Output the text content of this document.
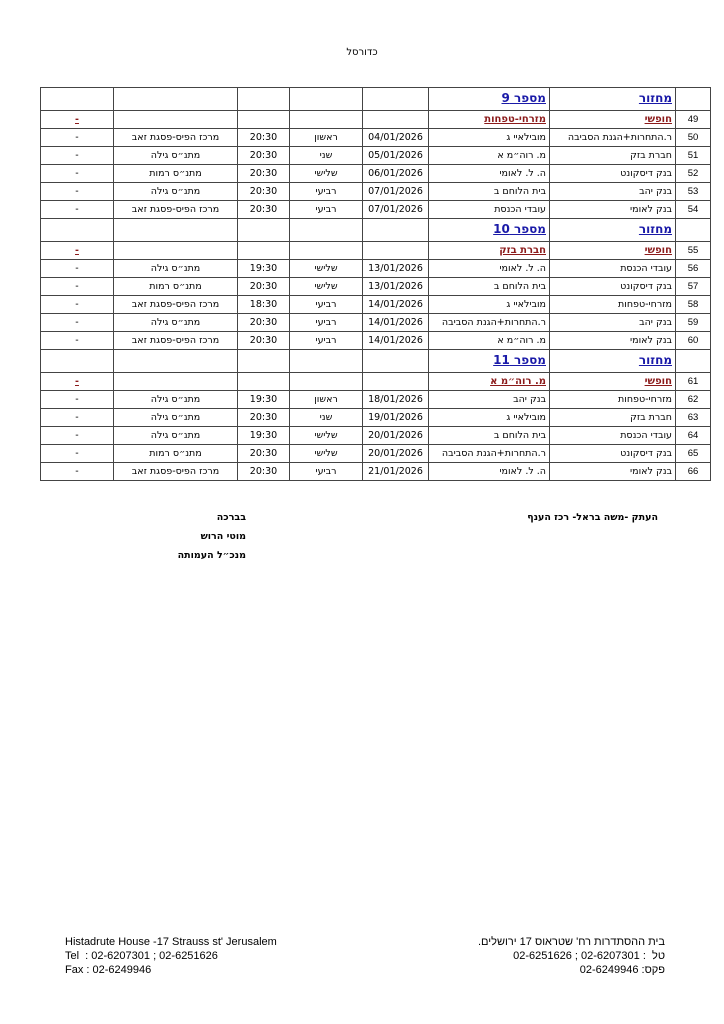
כדורסל
	מחזור	מספר 9					
49	חופשי	מזרחי-טפחות					-
50	ר.התחרות+הגנת הסביבה	מובילאיי ג	04/01/2026	ראשון	20:30	מרכז הפיס-פסגת זאב	-
51	חברת בזק	מ. רוה״מ א	05/01/2026	שני	20:30	מתנ״ס גילה	-
52	בנק דיסקונט	ה. ל. לאומי	06/01/2026	שלישי	20:30	מתנ״ס רמות	-
53	בנק יהב	בית הלוחם ב	07/01/2026	רביעי	20:30	מתנ״ס גילה	-
54	בנק לאומי	עובדי הכנסת	07/01/2026	רביעי	20:30	מרכז הפיס-פסגת זאב	-
	מחזור	מספר 10					
55	חופשי	חברת בזק					-
56	עובדי הכנסת	ה. ל. לאומי	13/01/2026	שלישי	19:30	מתנ״ס גילה	-
57	בנק דיסקונט	בית הלוחם ב	13/01/2026	שלישי	20:30	מתנ״ס רמות	-
58	מזרחי-טפחות	מובילאיי ג	14/01/2026	רביעי	18:30	מרכז הפיס-פסגת זאב	-
59	בנק יהב	ר.התחרות+הגנת הסביבה	14/01/2026	רביעי	20:30	מתנ״ס גילה	-
60	בנק לאומי	מ. רוה״מ א	14/01/2026	רביעי	20:30	מרכז הפיס-פסגת זאב	-
	מחזור	מספר 11					
61	חופשי	מ. רוה״מ א					-
62	מזרחי-טפחות	בנק יהב	18/01/2026	ראשון	19:30	מתנ״ס גילה	-
63	חברת בזק	מובילאיי ג	19/01/2026	שני	20:30	מתנ״ס גילה	-
64	עובדי הכנסת	בית הלוחם ב	20/01/2026	שלישי	19:30	מתנ״ס גילה	-
65	בנק דיסקונט	ר.התחרות+הגנת הסביבה	20/01/2026	שלישי	20:30	מתנ״ס רמות	-
66	בנק לאומי	ה. ל. לאומי	21/01/2026	רביעי	20:30	מרכז הפיס-פסגת זאב	-
בברכה
מוטי הרוש
מנכ״ל העמותה
העתק -משה בראל- רכז הענף
Histadrute House -17 Strauss st' Jerusalem
Tel  : 02-6207301 ; 02-6251626
Fax : 02-6249946
בית ההסתדרות רח' שטראוס 17 ירושלים.
טל  : 02-6207301 ; 02-6251626
פקס: 02-6249946
